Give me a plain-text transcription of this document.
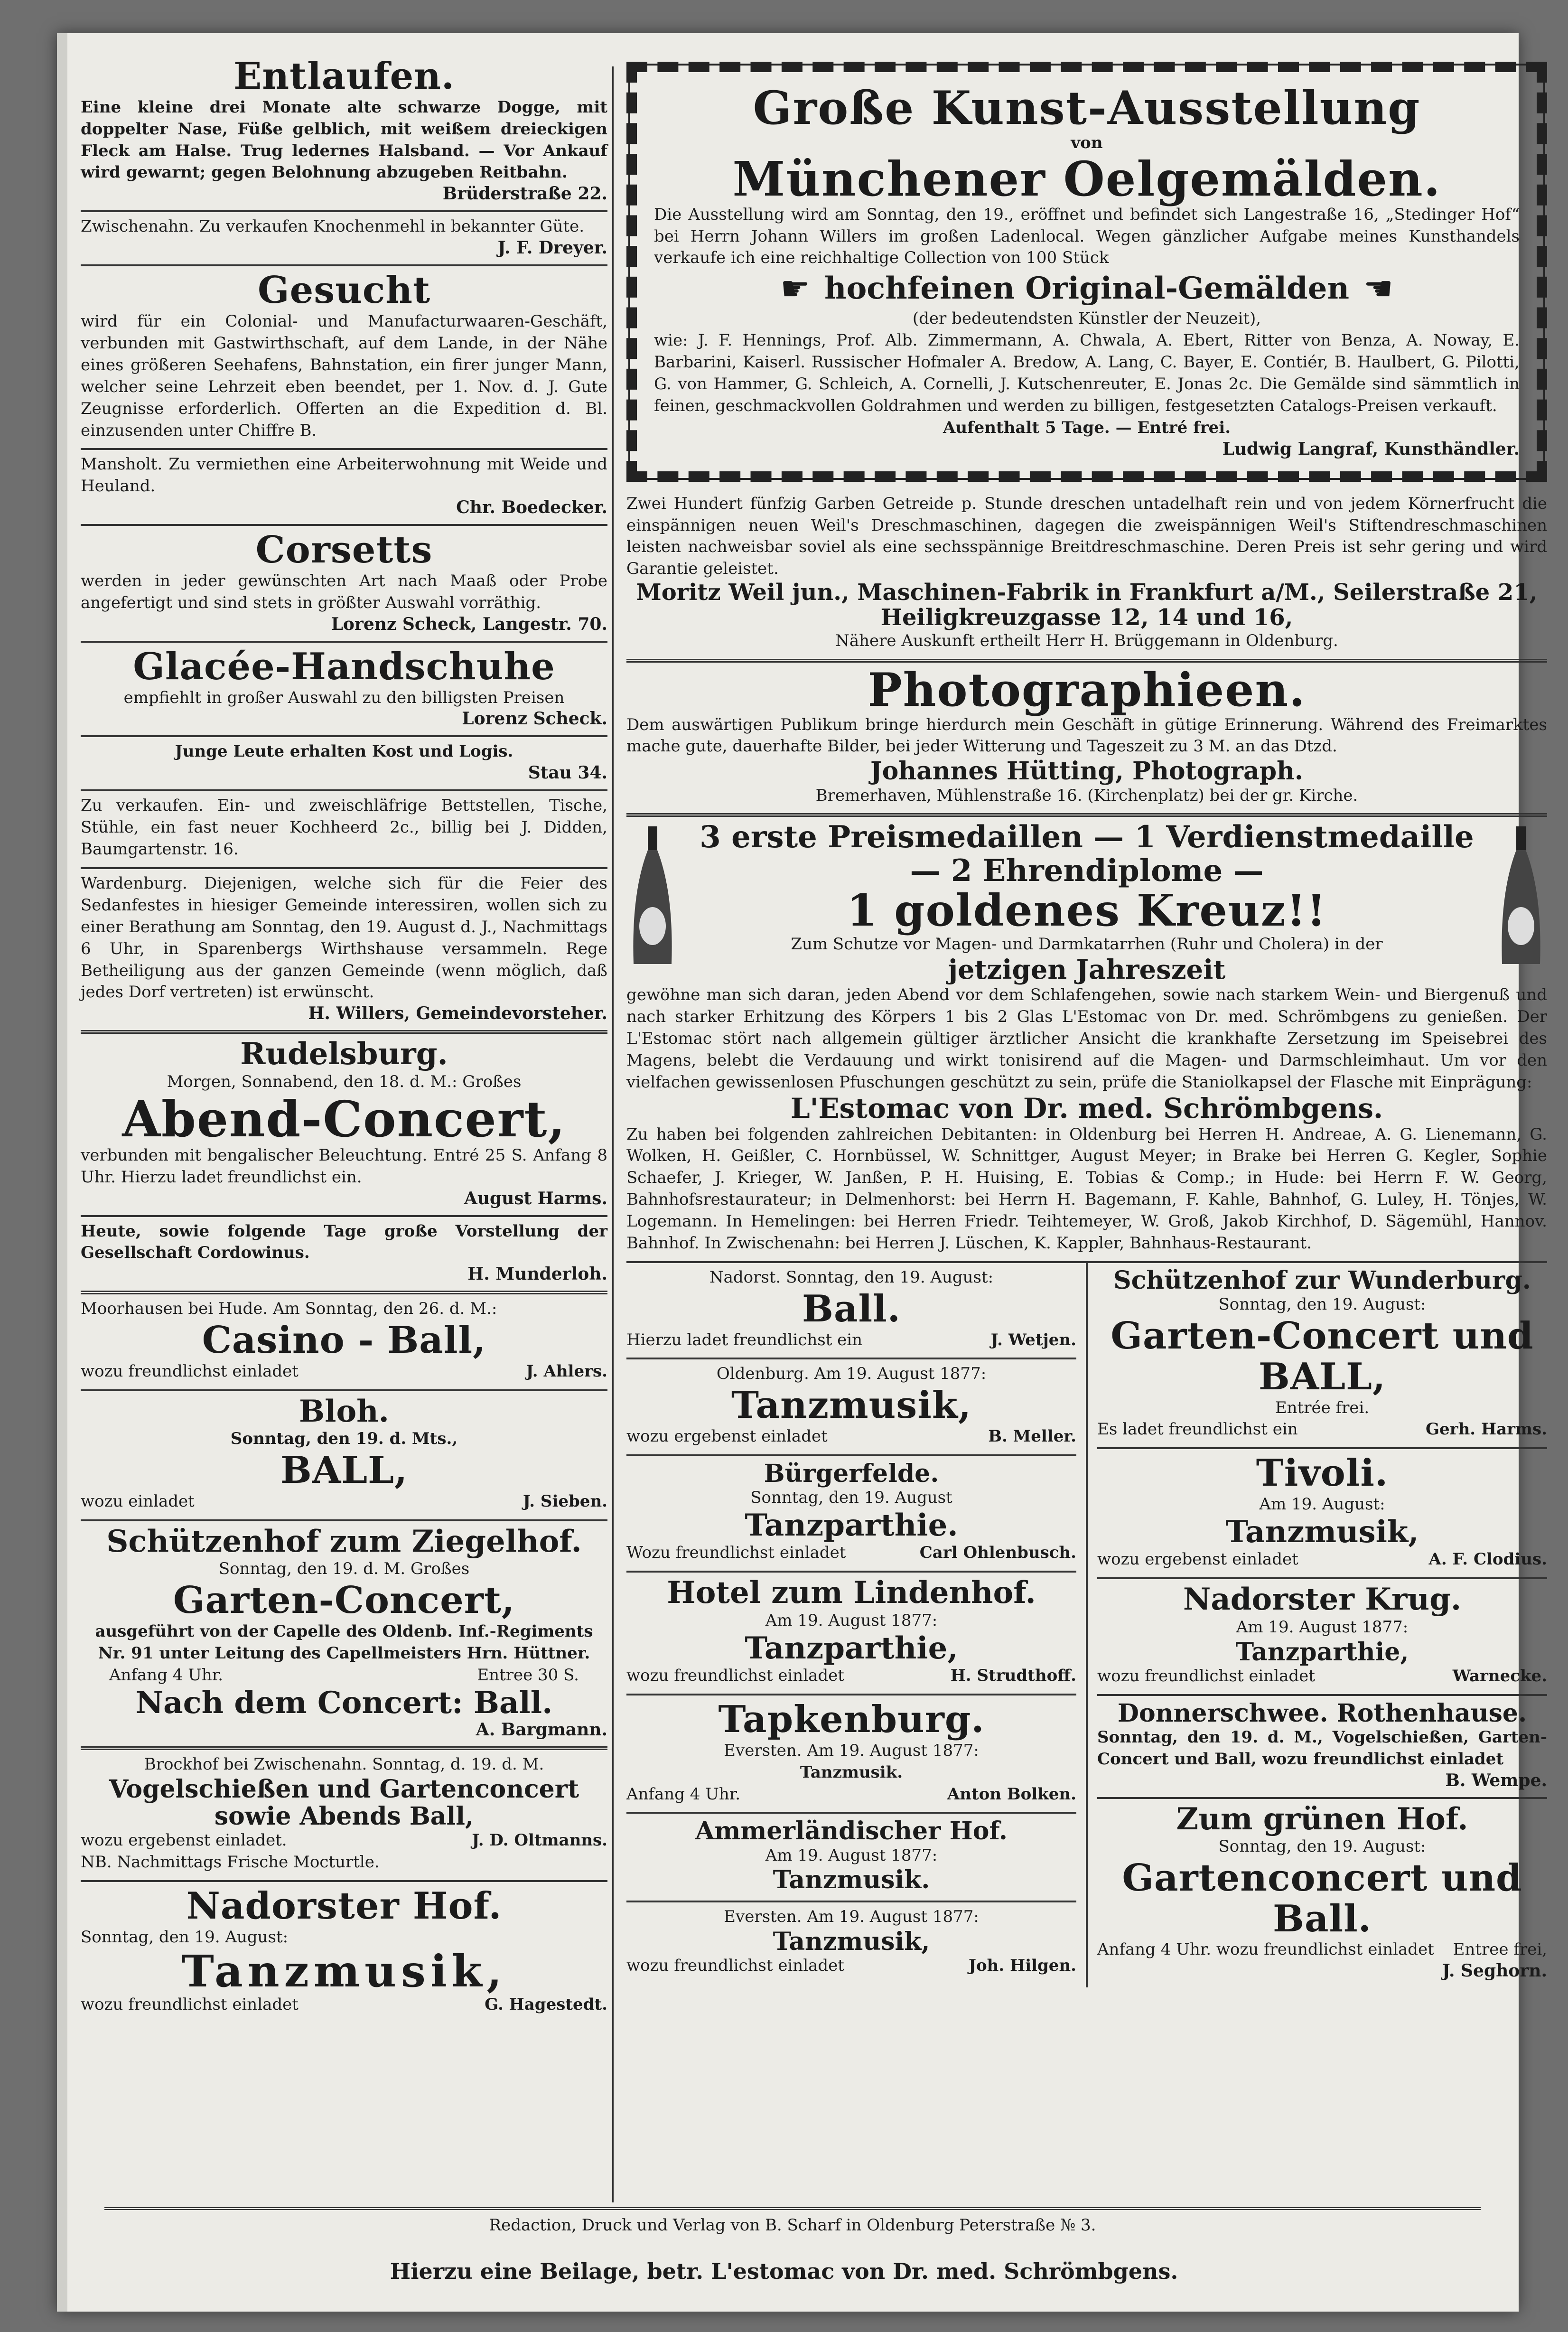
Entlaufen.
Eine kleine drei Monate alte schwarze Dogge, mit doppelter Nase, Füße gelblich, mit weißem dreieckigen Fleck am Halse. Trug ledernes Halsband. — Vor Ankauf wird gewarnt; gegen Belohnung abzugeben Reitbahn.
Brüderstraße 22.
Zwischenahn. Zu verkaufen Knochenmehl in bekannter Güte.
J. F. Dreyer.
Gesucht
wird für ein Colonial- und Manufacturwaaren-Geschäft, verbunden mit Gastwirthschaft, auf dem Lande, in der Nähe eines größeren Seehafens, Bahnstation, ein firer junger Mann, welcher seine Lehrzeit eben beendet, per 1. Nov. d. J. Gute Zeugnisse erforderlich. Offerten an die Expedition d. Bl. einzusenden unter Chiffre B.
Mansholt. Zu vermiethen eine Arbeiterwohnung mit Weide und Heuland.
Chr. Boedecker.
Corsetts
werden in jeder gewünschten Art nach Maaß oder Probe angefertigt und sind stets in größter Auswahl vorräthig.
Lorenz Scheck, Langestr. 70.
Glacée-Handschuhe
empfiehlt in großer Auswahl zu den billigsten Preisen
Lorenz Scheck.
Junge Leute erhalten Kost und Logis.
Stau 34.
Zu verkaufen. Ein- und zweischläfrige Bettstellen, Tische, Stühle, ein fast neuer Kochheerd 2c., billig bei J. Didden, Baumgartenstr. 16.
Wardenburg. Diejenigen, welche sich für die Feier des Sedanfestes in hiesiger Gemeinde interessiren, wollen sich zu einer Berathung am Sonntag, den 19. August d. J., Nachmittags 6 Uhr, in Sparenbergs Wirthshause versammeln. Rege Betheiligung aus der ganzen Gemeinde (wenn möglich, daß jedes Dorf vertreten) ist erwünscht.
H. Willers, Gemeindevorsteher.
Rudelsburg.
Morgen, Sonnabend, den 18. d. M.: Großes
Abend-Concert,
verbunden mit bengalischer Beleuchtung. Entré 25 S. Anfang 8 Uhr. Hierzu ladet freundlichst ein.
August Harms.
Heute, sowie folgende Tage große Vorstellung der Gesellschaft Cordowinus.
H. Munderloh.
Moorhausen bei Hude. Am Sonntag, den 26. d. M.:
Casino - Ball,
wozu freundlichst einladet	J. Ahlers.
Bloh.
Sonntag, den 19. d. Mts.,
BALL,
wozu einladet	J. Sieben.
Schützenhof zum Ziegelhof.
Sonntag, den 19. d. M. Großes
Garten-Concert,
ausgeführt von der Capelle des Oldenb. Inf.-Regiments Nr. 91 unter Leitung des Capellmeisters Hrn. Hüttner.
Anfang 4 Uhr.	Entree 30 S.
Nach dem Concert: Ball.
A. Bargmann.
Brockhof bei Zwischenahn. Sonntag, d. 19. d. M.
Vogelschießen und Gartenconcert sowie Abends Ball,
wozu ergebenst einladet.	J. D. Oltmanns.
NB. Nachmittags Frische Mocturtle.
Nadorster Hof.
Sonntag, den 19. August:
Tanzmusik,
wozu freundlichst einladet	G. Hagestedt.
Große Kunst-Ausstellung
von
Münchener Oelgemälden.
Die Ausstellung wird am Sonntag, den 19., eröffnet und befindet sich Langestraße 16, „Stedinger Hof“ bei Herrn Johann Willers im großen Ladenlocal. Wegen gänzlicher Aufgabe meines Kunsthandels verkaufe ich eine reichhaltige Collection von 100 Stück
☛ hochfeinen Original-Gemälden ☚
(der bedeutendsten Künstler der Neuzeit),
wie: J. F. Hennings, Prof. Alb. Zimmermann, A. Chwala, A. Ebert, Ritter von Benza, A. Noway, E. Barbarini, Kaiserl. Russischer Hofmaler A. Bredow, A. Lang, C. Bayer, E. Contiér, B. Haulbert, G. Pilotti, G. von Hammer, G. Schleich, A. Cornelli, J. Kutschenreuter, E. Jonas 2c. Die Gemälde sind sämmtlich in feinen, geschmackvollen Goldrahmen und werden zu billigen, festgesetzten Catalogs-Preisen verkauft.
Aufenthalt 5 Tage. — Entré frei.
Ludwig Langraf, Kunsthändler.
Zwei Hundert fünfzig Garben Getreide p. Stunde dreschen untadelhaft rein und von jedem Körnerfrucht die einspännigen neuen Weil's Dreschmaschinen, dagegen die zweispännigen Weil's Stiftendreschmaschinen leisten nachweisbar soviel als eine sechsspännige Breitdreschmaschine. Deren Preis ist sehr gering und wird Garantie geleistet.
Moritz Weil jun., Maschinen-Fabrik in Frankfurt a/M., Seilerstraße 21, Heiligkreuzgasse 12, 14 und 16,
Nähere Auskunft ertheilt Herr H. Brüggemann in Oldenburg.
Photographieen.
Dem auswärtigen Publikum bringe hierdurch mein Geschäft in gütige Erinnerung. Während des Freimarktes mache gute, dauerhafte Bilder, bei jeder Witterung und Tageszeit zu 3 M. an das Dtzd.
Johannes Hütting, Photograph.
Bremerhaven, Mühlenstraße 16. (Kirchenplatz) bei der gr. Kirche.
3 erste Preismedaillen — 1 Verdienstmedaille
— 2 Ehrendiplome —
1 goldenes Kreuz!!
Zum Schutze vor Magen- und Darmkatarrhen (Ruhr und Cholera) in der
jetzigen Jahreszeit
gewöhne man sich daran, jeden Abend vor dem Schlafengehen, sowie nach starkem Wein- und Biergenuß und nach starker Erhitzung des Körpers 1 bis 2 Glas L'Estomac von Dr. med. Schrömbgens zu genießen. Der L'Estomac stört nach allgemein gültiger ärztlicher Ansicht die krankhafte Zersetzung im Speisebrei des Magens, belebt die Verdauung und wirkt tonisirend auf die Magen- und Darmschleimhaut. Um vor den vielfachen gewissenlosen Pfuschungen geschützt zu sein, prüfe die Staniolkapsel der Flasche mit Einprägung:
L'Estomac von Dr. med. Schrömbgens.
Zu haben bei folgenden zahlreichen Debitanten: in Oldenburg bei Herren H. Andreae, A. G. Lienemann, G. Wolken, H. Geißler, C. Hornbüssel, W. Schnittger, August Meyer; in Brake bei Herren G. Kegler, Sophie Schaefer, J. Krieger, W. Janßen, P. H. Huising, E. Tobias & Comp.; in Hude: bei Herrn F. W. Georg, Bahnhofsrestaurateur; in Delmenhorst: bei Herrn H. Bagemann, F. Kahle, Bahnhof, G. Luley, H. Tönjes, W. Logemann. In Hemelingen: bei Herren Friedr. Teihtemeyer, W. Groß, Jakob Kirchhof, D. Sägemühl, Hannov. Bahnhof. In Zwischenahn: bei Herren J. Lüschen, K. Kappler, Bahnhaus-Restaurant.
Nadorst. Sonntag, den 19. August:
Ball.
Hierzu ladet freundlichst ein	J. Wetjen.
Oldenburg. Am 19. August 1877:
Tanzmusik,
wozu ergebenst einladet	B. Meller.
Bürgerfelde.
Sonntag, den 19. August
Tanzparthie.
Wozu freundlichst einladet	Carl Ohlenbusch.
Hotel zum Lindenhof.
Am 19. August 1877:
Tanzparthie,
wozu freundlichst einladet	H. Strudthoff.
Tapkenburg.
Eversten. Am 19. August 1877:
Tanzmusik.
Anfang 4 Uhr.	Anton Bolken.
Ammerländischer Hof.
Am 19. August 1877:
Tanzmusik.
Eversten. Am 19. August 1877:
Tanzmusik,
wozu freundlichst einladet	Joh. Hilgen.
Schützenhof zur Wunderburg.
Sonntag, den 19. August:
Garten-Concert und BALL,
Entrée frei.
Es ladet freundlichst ein	Gerh. Harms.
Tivoli.
Am 19. August:
Tanzmusik,
wozu ergebenst einladet	A. F. Clodius.
Nadorster Krug.
Am 19. August 1877:
Tanzparthie,
wozu freundlichst einladet	Warnecke.
Donnerschwee. Rothenhause.
Sonntag, den 19. d. M., Vogelschießen, Garten-Concert und Ball, wozu freundlichst einladet
B. Wempe.
Zum grünen Hof.
Sonntag, den 19. August:
Gartenconcert und Ball.
Anfang 4 Uhr. wozu freundlichst einladet Entree frei,
J. Seghorn.
Redaction, Druck und Verlag von B. Scharf in Oldenburg Peterstraße № 3.
Hierzu eine Beilage, betr. L'estomac von Dr. med. Schrömbgens.
